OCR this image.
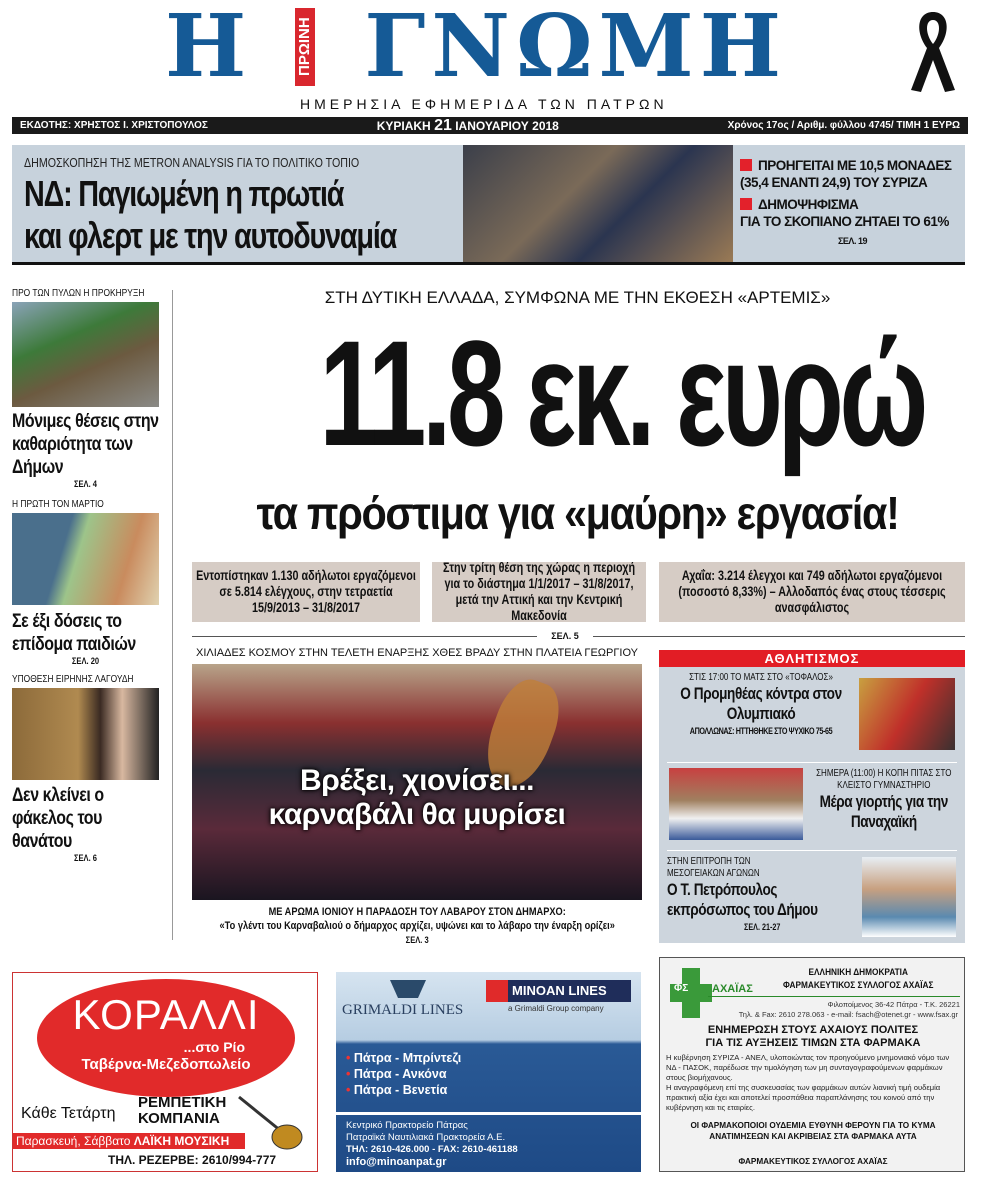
Η	ΠΡΩΙΝΗ ΓΝΩΜΗ
ΗΜΕΡΗΣΙΑ ΕΦΗΜΕΡΙΔΑ ΤΩΝ ΠΑΤΡΩΝ
ΕΚΔΟΤΗΣ: ΧΡΗΣΤΟΣ Ι. ΧΡΙΣΤΟΠΟΥΛΟΣ	ΚΥΡΙΑΚΗ 21 ΙΑΝΟΥΑΡΙΟΥ 2018	Χρόνος 17ος / Αριθμ. φύλλου 4745/ ΤΙΜΗ 1 ΕΥΡΩ
ΔΗΜΟΣΚΟΠΗΣΗ ΤΗΣ METRON ANALYSIS ΓΙΑ ΤΟ ΠΟΛΙΤΙΚΟ ΤΟΠΙΟ
ΝΔ: Παγιωμένη η πρωτιά
και φλερτ με την αυτοδυναμία
ΠΡΟΗΓΕΙΤΑΙ ΜΕ 10,5 ΜΟΝΑΔΕΣ (35,4 ΕΝΑΝΤΙ 24,9) ΤΟΥ ΣΥΡΙΖΑ
ΔΗΜΟΨΗΦΙΣΜΑ
ΓΙΑ ΤΟ ΣΚΟΠΙΑΝΟ ΖΗΤΑΕΙ ΤΟ 61%
ΣΕΛ. 19
ΠΡΟ ΤΩΝ ΠΥΛΩΝ Η ΠΡΟΚΗΡΥΞΗ
Μόνιμες θέσεις στην καθαριότητα των Δήμων
ΣΕΛ. 4
Η ΠΡΩΤΗ ΤΟΝ ΜΑΡΤΙΟ
Σε έξι δόσεις το επίδομα παιδιών
ΣΕΛ. 20
ΥΠΟΘΕΣΗ ΕΙΡΗΝΗΣ ΛΑΓΟΥΔΗ
Δεν κλείνει ο φάκελος του θανάτου
ΣΕΛ. 6
ΣΤΗ ΔΥΤΙΚΗ ΕΛΛΑΔΑ, ΣΥΜΦΩΝΑ ΜΕ ΤΗΝ ΕΚΘΕΣΗ «ΑΡΤΕΜΙΣ»
11.8 εκ. ευρώ
τα πρόστιμα για «μαύρη» εργασία!
Εντοπίστηκαν 1.130 αδήλωτοι εργαζόμενοι σε 5.814 ελέγχους, στην τετραετία 15/9/2013 – 31/8/2017
Στην τρίτη θέση της χώρας η περιοχή για το διάστημα 1/1/2017 – 31/8/2017, μετά την Αττική και την Κεντρική Μακεδονία
Αχαΐα: 3.214 έλεγχοι και 749 αδήλωτοι εργαζόμενοι (ποσοστό 8,33%) – Αλλοδαπός ένας στους τέσσερις ανασφάλιστος
ΣΕΛ. 5
ΧΙΛΙΑΔΕΣ ΚΟΣΜΟΥ ΣΤΗΝ ΤΕΛΕΤΗ ΕΝΑΡΞΗΣ ΧΘΕΣ ΒΡΑΔΥ ΣΤΗΝ ΠΛΑΤΕΙΑ ΓΕΩΡΓΙΟΥ
Βρέξει, χιονίσει...
καρναβάλι θα μυρίσει
ΜΕ ΑΡΩΜΑ ΙΟΝΙΟΥ Η ΠΑΡΑΔΟΣΗ ΤΟΥ ΛΑΒΑΡΟΥ ΣΤΟΝ ΔΗΜΑΡΧΟ:
«Το γλέντι του Καρναβαλιού ο δήμαρχος αρχίζει, υψώνει και το λάβαρο την έναρξη ορίζει»
ΣΕΛ. 3
ΑΘΛΗΤΙΣΜΟΣ
ΣΤΙΣ 17:00 ΤΟ ΜΑΤΣ ΣΤΟ «ΤΟΦΑΛΟΣ»
Ο Προμηθέας κόντρα στον Ολυμπιακό
ΑΠΟΛΛΩΝΑΣ: ΗΤΤΗΘΗΚΕ ΣΤΟ ΨΥΧΙΚΟ 75-65
ΣΗΜΕΡΑ (11:00) Η ΚΟΠΗ ΠΙΤΑΣ ΣΤΟ ΚΛΕΙΣΤΟ ΓΥΜΝΑΣΤΗΡΙΟ
Μέρα γιορτής για την Παναχαϊκή
ΣΤΗΝ ΕΠΙΤΡΟΠΗ ΤΩΝ ΜΕΣΟΓΕΙΑΚΩΝ ΑΓΩΝΩΝ
Ο Τ. Πετρόπουλος εκπρόσωπος του Δήμου
ΣΕΛ. 21-27
ΚΟΡΑΛΛΙ
...στο Ρίο
Ταβέρνα-Μεζεδοπωλείο
Κάθε Τετάρτη
ΡΕΜΠΕΤΙΚΗ ΚΟΜΠΑΝΙΑ
Παρασκευή, Σάββατο ΛΑΪΚΗ ΜΟΥΣΙΚΗ
ΤΗΛ. ΡΕΖΕΡΒΕ: 2610/994-777
GRIMALDI LINES
MINOAN LINES
a Grimaldi Group company
• Πάτρα - Μπρίντεζι
• Πάτρα - Ανκόνα
• Πάτρα - Βενετία
Κεντρικό Πρακτορείο Πάτρας
Πατραϊκά Ναυτιλιακά Πρακτορεία Α.Ε.
ΤΗΛ: 2610-426.000 - FAX: 2610-461188
info@minoanpat.gr
ΦΣ ΑΧΑΪΑΣ
ΕΛΛΗΝΙΚΗ ΔΗΜΟΚΡΑΤΙΑ
ΦΑΡΜΑΚΕΥΤΙΚΟΣ ΣΥΛΛΟΓΟΣ ΑΧΑΪΑΣ
Φιλοποίμενος 36-42 Πάτρα - Τ.Κ. 26221
Τηλ. & Fax: 2610 278.063 - e-mail: fsach@otenet.gr - www.fsax.gr
ΕΝΗΜΕΡΩΣΗ ΣΤΟΥΣ ΑΧΑΙΟΥΣ ΠΟΛΙΤΕΣ
ΓΙΑ ΤΙΣ ΑΥΞΗΣΕΙΣ ΤΙΜΩΝ ΣΤΑ ΦΑΡΜΑΚΑ
Η κυβέρνηση ΣΥΡΙΖΑ - ΑΝΕΛ, υλοποιώντας τον προηγούμενο μνημονιακό νόμο των ΝΔ - ΠΑΣΟΚ, παρέδωσε την τιμολόγηση των μη συνταγογραφούμενων φαρμάκων στους βιομήχανους.
Η αναγραφόμενη επί της συσκευασίας των φαρμάκων αυτών λιανική τιμή ουδεμία πρακτική αξία έχει και αποτελεί προσπάθεια παραπλάνησης του κοινού από την κυβέρνηση και τις εταιρίες.
ΟΙ ΦΑΡΜΑΚΟΠΟΙΟΙ ΟΥΔΕΜΙΑ ΕΥΘΥΝΗ ΦΕΡΟΥΝ ΓΙΑ ΤΟ ΚΥΜΑ ΑΝΑΤΙΜΗΣΕΩΝ ΚΑΙ ΑΚΡΙΒΕΙΑΣ ΣΤΑ ΦΑΡΜΑΚΑ ΑΥΤΑ
ΦΑΡΜΑΚΕΥΤΙΚΟΣ ΣΥΛΛΟΓΟΣ ΑΧΑΪΑΣ
